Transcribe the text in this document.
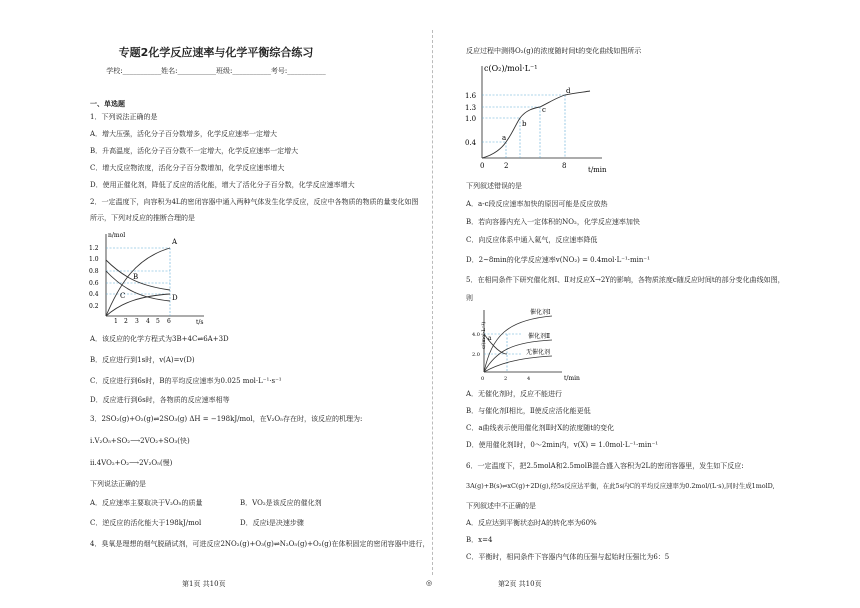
专题2化学反应速率与化学平衡综合练习
学校:___________姓名:___________班级:___________考号:___________
一、单选题
1．下列说法正确的是
A．增大压强，活化分子百分数增多，化学反应速率一定增大
B．升高温度，活化分子百分数不一定增大，化学反应速率一定增大
C．增大反应物浓度，活化分子百分数增加，化学反应速率增大
D．使用正催化剂，降低了反应的活化能，增大了活化分子百分数，化学反应速率增大
2．一定温度下，向容积为4L的密闭容器中通入两种气体发生化学反应，反应中各物质的物质的量变化如图
所示，下列对反应的推断合理的是
n/mol
t/s
1.2
1.0
0.8
0.6
0.4
0.2
1 2 3 4 5 6
A
B
C	D
A．该反应的化学方程式为3B+4C⇌6A+3D
B．反应进行到1s时，v(A)=v(D)
C．反应进行到6s时，B的平均反应速率为0.025 mol·L⁻¹·s⁻¹
D．反应进行到6s时，各物质的反应速率相等
3．2SO₂(g)+O₂(g)⇌2SO₃(g) ΔH = −198kJ/mol，在V₂O₅存在时，该反应的机理为:
i.V₂O₅+SO₂⟶2VO₂+SO₃(快)
ii.4VO₂+O₂⟶2V₂O₅(慢)
下列说法正确的是
A．反应速率主要取决于V₂O₅的质量	B．VO₂是该反应的催化剂
C．逆反应的活化能大于198kJ/mol	D．反应i是决速步骤
4．臭氧是理想的烟气脱硝试剂，可进反应2NO₂(g)+O₃(g)⇌N₂O₅(g)+O₂(g)在体积固定的密闭容器中进行，
第1页 共10页	◎
反应过程中测得O₂(g)的浓度随时间t的变化曲线如图所示
c(O₂)/mol·L⁻¹
t/min
1.6
1.3
1.0
0.4
0	2	8
a
b
c
d
下列叙述错误的是
A．a-c段反应速率加快的原因可能是反应放热
B．若向容器内充入一定体积的NO₂，化学反应速率加快
C．向反应体系中通入氦气，反应速率降低
D．2~8min的化学反应速率v(NO₂) = 0.4mol·L⁻¹·min⁻¹
5．在相同条件下研究催化剂Ⅰ、Ⅱ对反应X→2Y的影响，各物质浓度c随反应时间t的部分变化曲线如图，
则
c/(mol·L⁻¹)
t/min
4.0
2.0
0	2	4
a
催化剂Ⅰ
催化剂Ⅱ
无催化剂
A．无催化剂时，反应不能进行
B．与催化剂Ⅰ相比，Ⅱ使反应活化能更低
C．a曲线表示使用催化剂Ⅱ时X的浓度随t的变化
D．使用催化剂Ⅰ时，0～2min内，v(X) = 1.0mol·L⁻¹·min⁻¹
6．一定温度下，把2.5molA和2.5molB混合盛入容积为2L的密闭容器里，发生如下反应:
3A(g)+B(s)⇌xC(g)+2D(g),经5s反应达平衡，在此5s内C的平均反应速率为0.2mol/(L·s),同时生成1molD,
下列叙述中不正确的是
A．反应达到平衡状态时A的转化率为60%
B．x=4
C．平衡时，相同条件下容器内气体的压强与起始时压强比为6：5
第2页 共10页
